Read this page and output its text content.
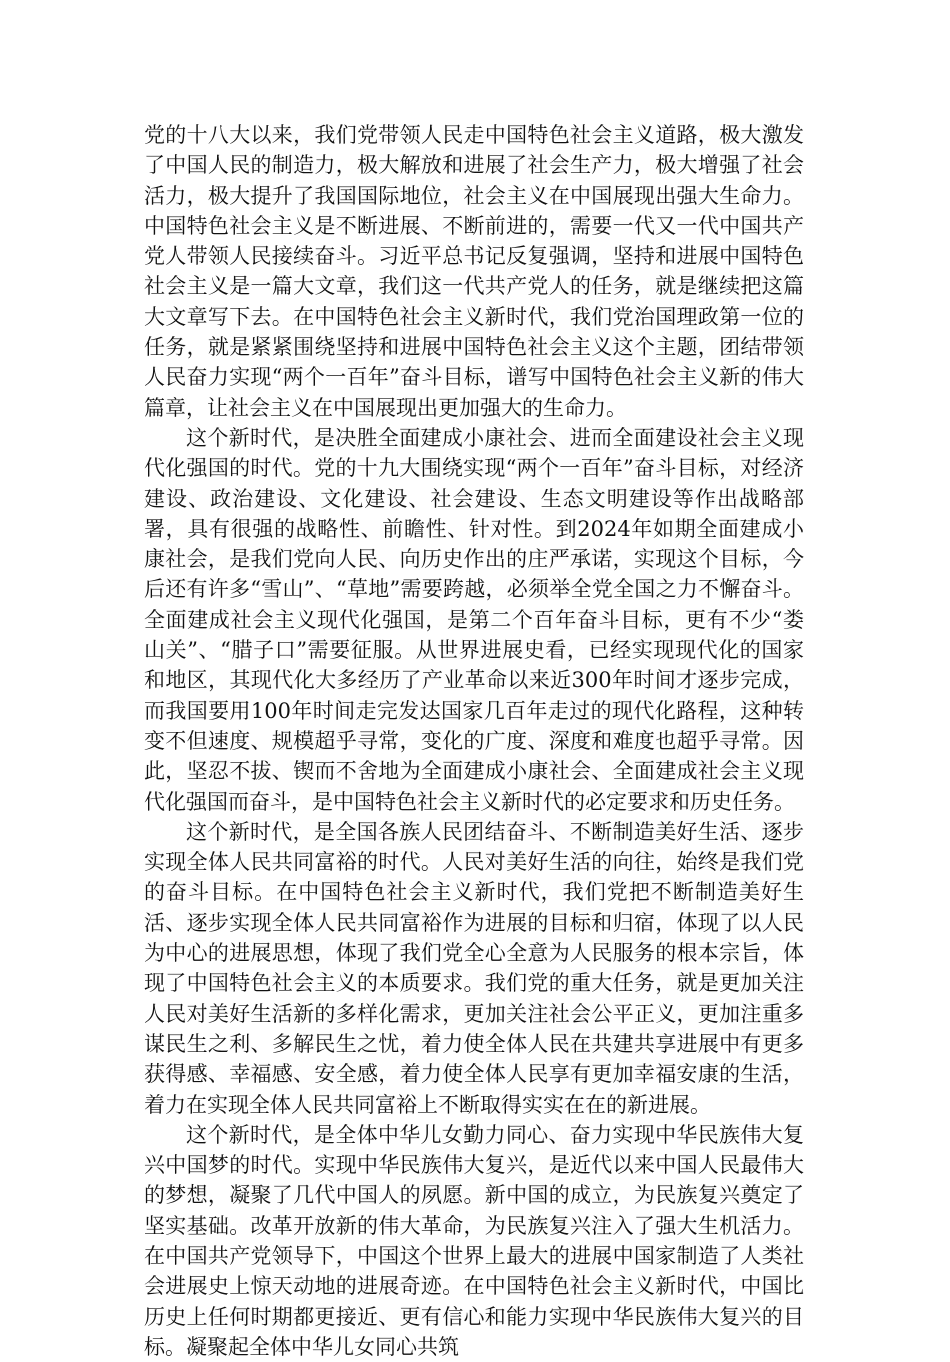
党的十八大以来，我们党带领人民走中国特色社会主义道路，极大激发了中国人民的制造力，极大解放和进展了社会生产力，极大增强了社会活力，极大提升了我国国际地位，社会主义在中国展现出强大生命力。中国特色社会主义是不断进展、不断前进的，需要一代又一代中国共产党人带领人民接续奋斗。习近平总书记反复强调，坚持和进展中国特色社会主义是一篇大文章，我们这一代共产党人的任务，就是继续把这篇大文章写下去。在中国特色社会主义新时代，我们党治国理政第一位的任务，就是紧紧围绕坚持和进展中国特色社会主义这个主题，团结带领人民奋力实现“两个一百年”奋斗目标，谱写中国特色社会主义新的伟大篇章，让社会主义在中国展现出更加强大的生命力。

这个新时代，是决胜全面建成小康社会、进而全面建设社会主义现代化强国的时代。党的十九大围绕实现“两个一百年”奋斗目标，对经济建设、政治建设、文化建设、社会建设、生态文明建设等作出战略部署，具有很强的战略性、前瞻性、针对性。到2024年如期全面建成小康社会，是我们党向人民、向历史作出的庄严承诺，实现这个目标，今后还有许多“雪山”、“草地”需要跨越，必须举全党全国之力不懈奋斗。全面建成社会主义现代化强国，是第二个百年奋斗目标，更有不少“娄山关”、“腊子口”需要征服。从世界进展史看，已经实现现代化的国家和地区，其现代化大多经历了产业革命以来近300年时间才逐步完成，而我国要用100年时间走完发达国家几百年走过的现代化路程，这种转变不但速度、规模超乎寻常，变化的广度、深度和难度也超乎寻常。因此，坚忍不拔、锲而不舍地为全面建成小康社会、全面建成社会主义现代化强国而奋斗，是中国特色社会主义新时代的必定要求和历史任务。

这个新时代，是全国各族人民团结奋斗、不断制造美好生活、逐步实现全体人民共同富裕的时代。人民对美好生活的向往，始终是我们党的奋斗目标。在中国特色社会主义新时代，我们党把不断制造美好生活、逐步实现全体人民共同富裕作为进展的目标和归宿，体现了以人民为中心的进展思想，体现了我们党全心全意为人民服务的根本宗旨，体现了中国特色社会主义的本质要求。我们党的重大任务，就是更加关注人民对美好生活新的多样化需求，更加关注社会公平正义，更加注重多谋民生之利、多解民生之忧，着力使全体人民在共建共享进展中有更多获得感、幸福感、安全感，着力使全体人民享有更加幸福安康的生活，着力在实现全体人民共同富裕上不断取得实实在在的新进展。

这个新时代，是全体中华儿女勤力同心、奋力实现中华民族伟大复兴中国梦的时代。实现中华民族伟大复兴，是近代以来中国人民最伟大的梦想，凝聚了几代中国人的夙愿。新中国的成立，为民族复兴奠定了坚实基础。改革开放新的伟大革命，为民族复兴注入了强大生机活力。在中国共产党领导下，中国这个世界上最大的进展中国家制造了人类社会进展史上惊天动地的进展奇迹。在中国特色社会主义新时代，中国比历史上任何时期都更接近、更有信心和能力实现中华民族伟大复兴的目标。凝聚起全体中华儿女同心共筑
